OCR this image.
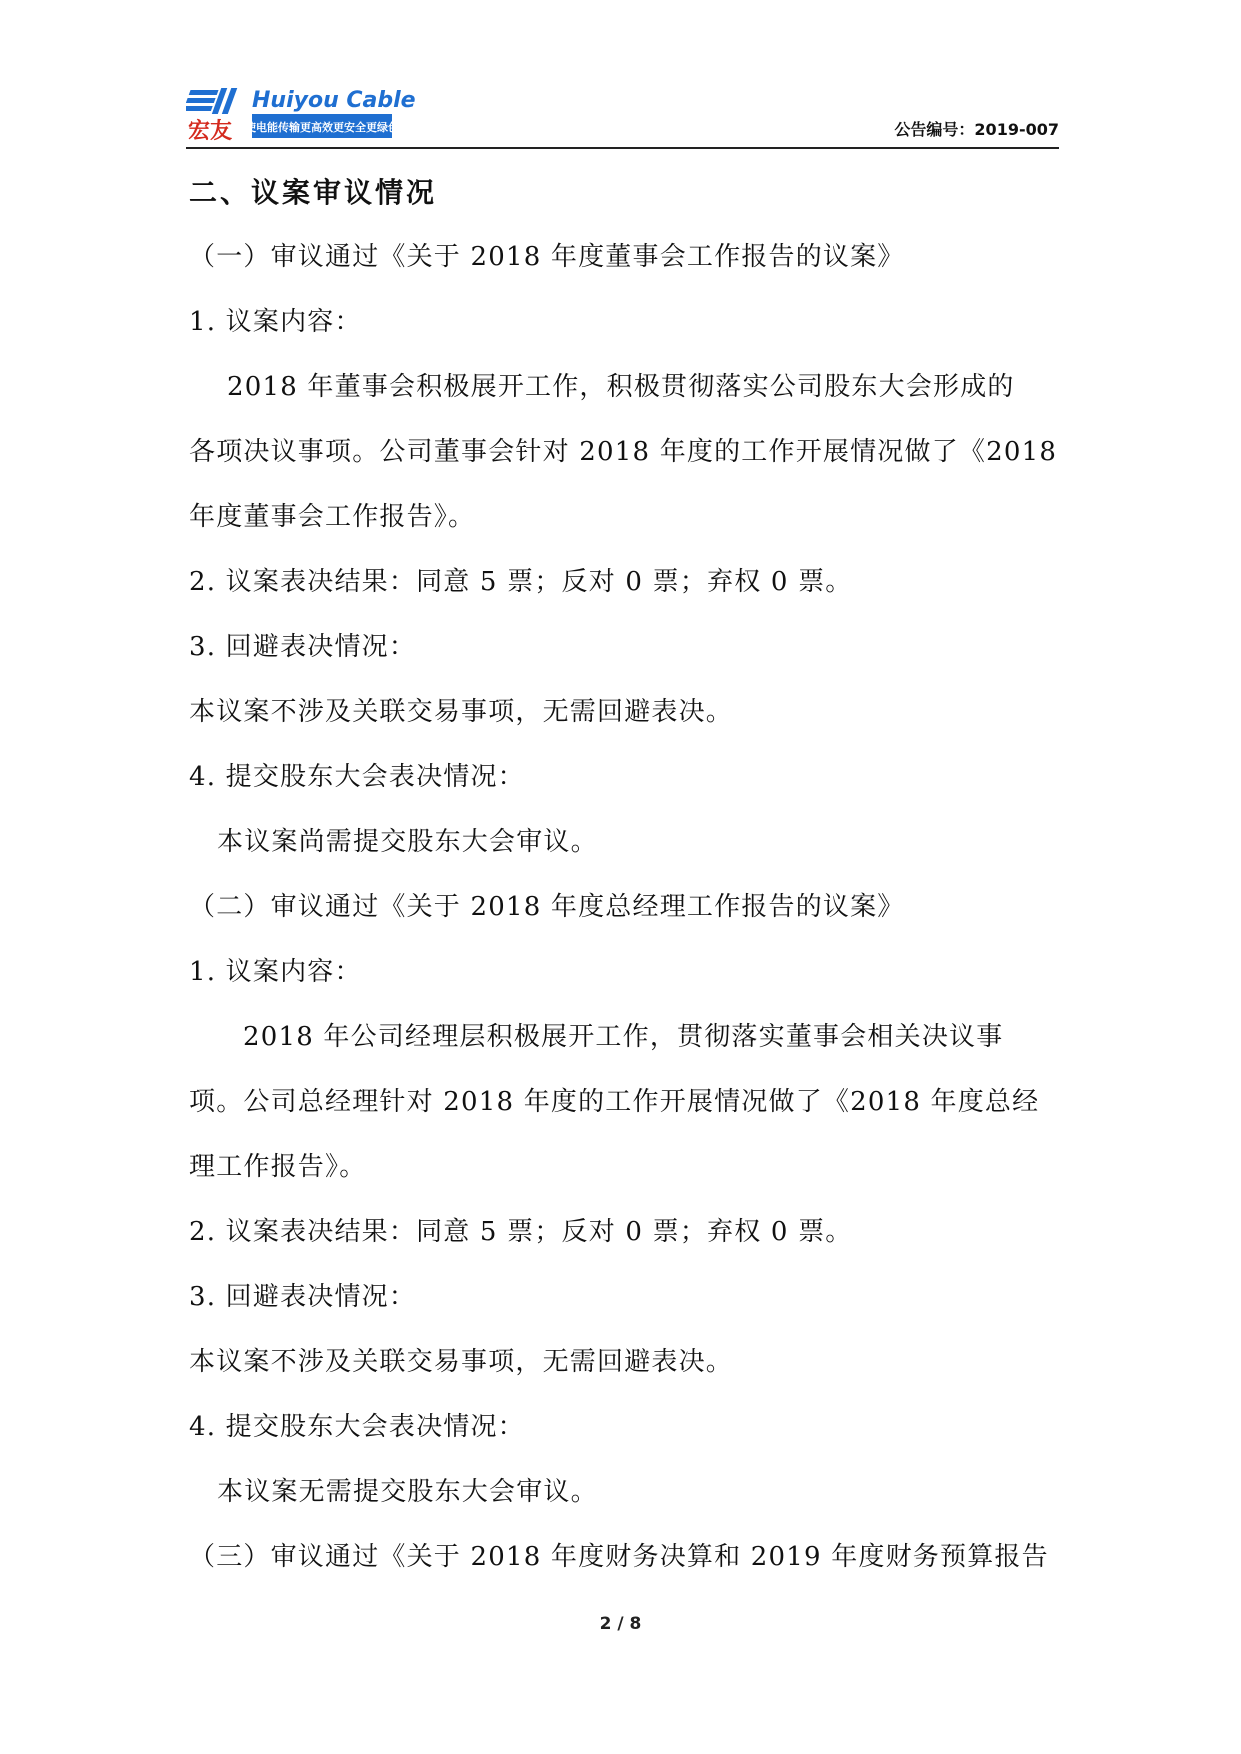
宏友
Huiyou Cable
使电能传输更高效更安全更绿色	公告编号：2019-007
二、议案审议情况
（一）审议通过《关于 2018 年度董事会工作报告的议案》
1. 议案内容：
2018 年董事会积极展开工作，积极贯彻落实公司股东大会形成的
各项决议事项。公司董事会针对 2018 年度的工作开展情况做了《2018
年度董事会工作报告》。
2. 议案表决结果：同意 5 票；反对 0 票；弃权 0 票。
3. 回避表决情况：
本议案不涉及关联交易事项，无需回避表决。
4. 提交股东大会表决情况：
本议案尚需提交股东大会审议。
（二）审议通过《关于 2018 年度总经理工作报告的议案》
1. 议案内容：
2018 年公司经理层积极展开工作，贯彻落实董事会相关决议事
项。公司总经理针对 2018 年度的工作开展情况做了《2018 年度总经
理工作报告》。
2. 议案表决结果：同意 5 票；反对 0 票；弃权 0 票。
3. 回避表决情况：
本议案不涉及关联交易事项，无需回避表决。
4. 提交股东大会表决情况：
本议案无需提交股东大会审议。
（三）审议通过《关于 2018 年度财务决算和 2019 年度财务预算报告
2 / 8
